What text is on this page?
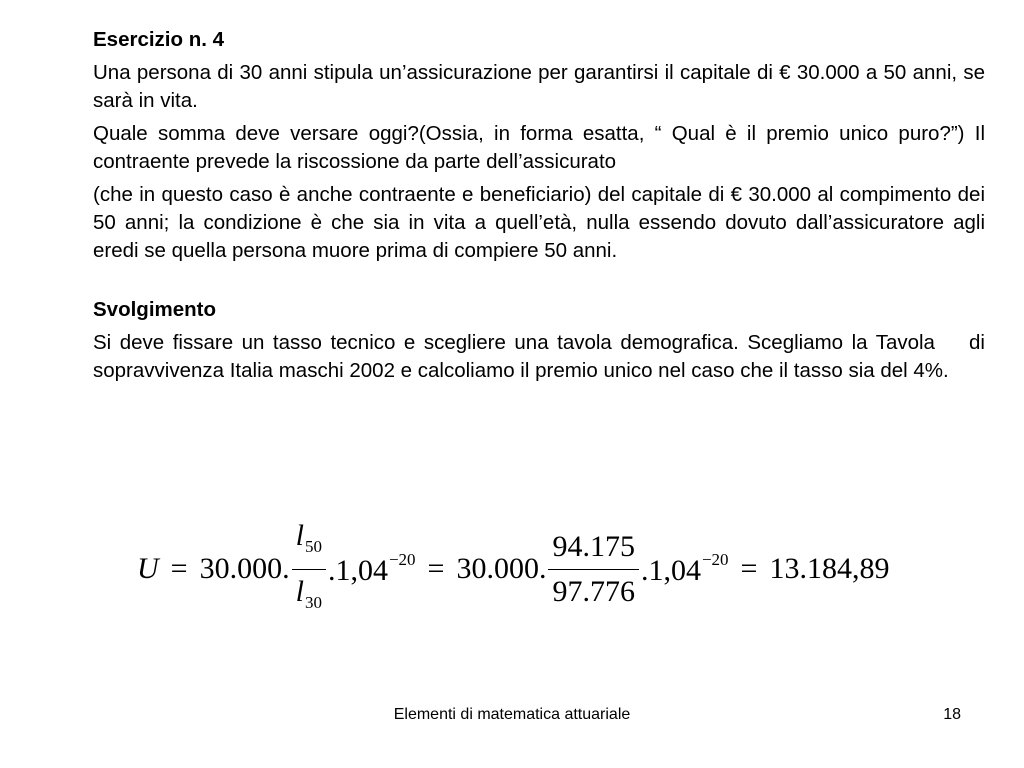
Esercizio n. 4
Una persona di 30 anni stipula un’assicurazione per garantirsi il capitale di € 30.000 a 50 anni, se sarà in vita.
Quale somma deve versare oggi?(Ossia, in forma esatta, “ Qual è il premio unico puro?”) Il contraente prevede la riscossione da parte dell’assicurato
(che in questo caso è anche contraente e beneficiario) del capitale di € 30.000 al compimento dei 50 anni; la condizione è che sia in vita a quell’età, nulla essendo dovuto dall’assicuratore agli eredi se quella persona muore prima di compiere 50 anni.
Svolgimento
Si deve fissare un tasso tecnico e scegliere una tavola demografica. Scegliamo la Tavola    di sopravvivenza Italia maschi 2002 e calcoliamo il premio unico nel caso che il tasso sia del 4%.
U = 30.000. $\frac{l_{50}}{l_{30}} .1,04^{-20} = 30.000$. $\frac{94.175}{97.776} .1,04^{-20} = 13.184,89$
Elementi di matematica attuariale	18
